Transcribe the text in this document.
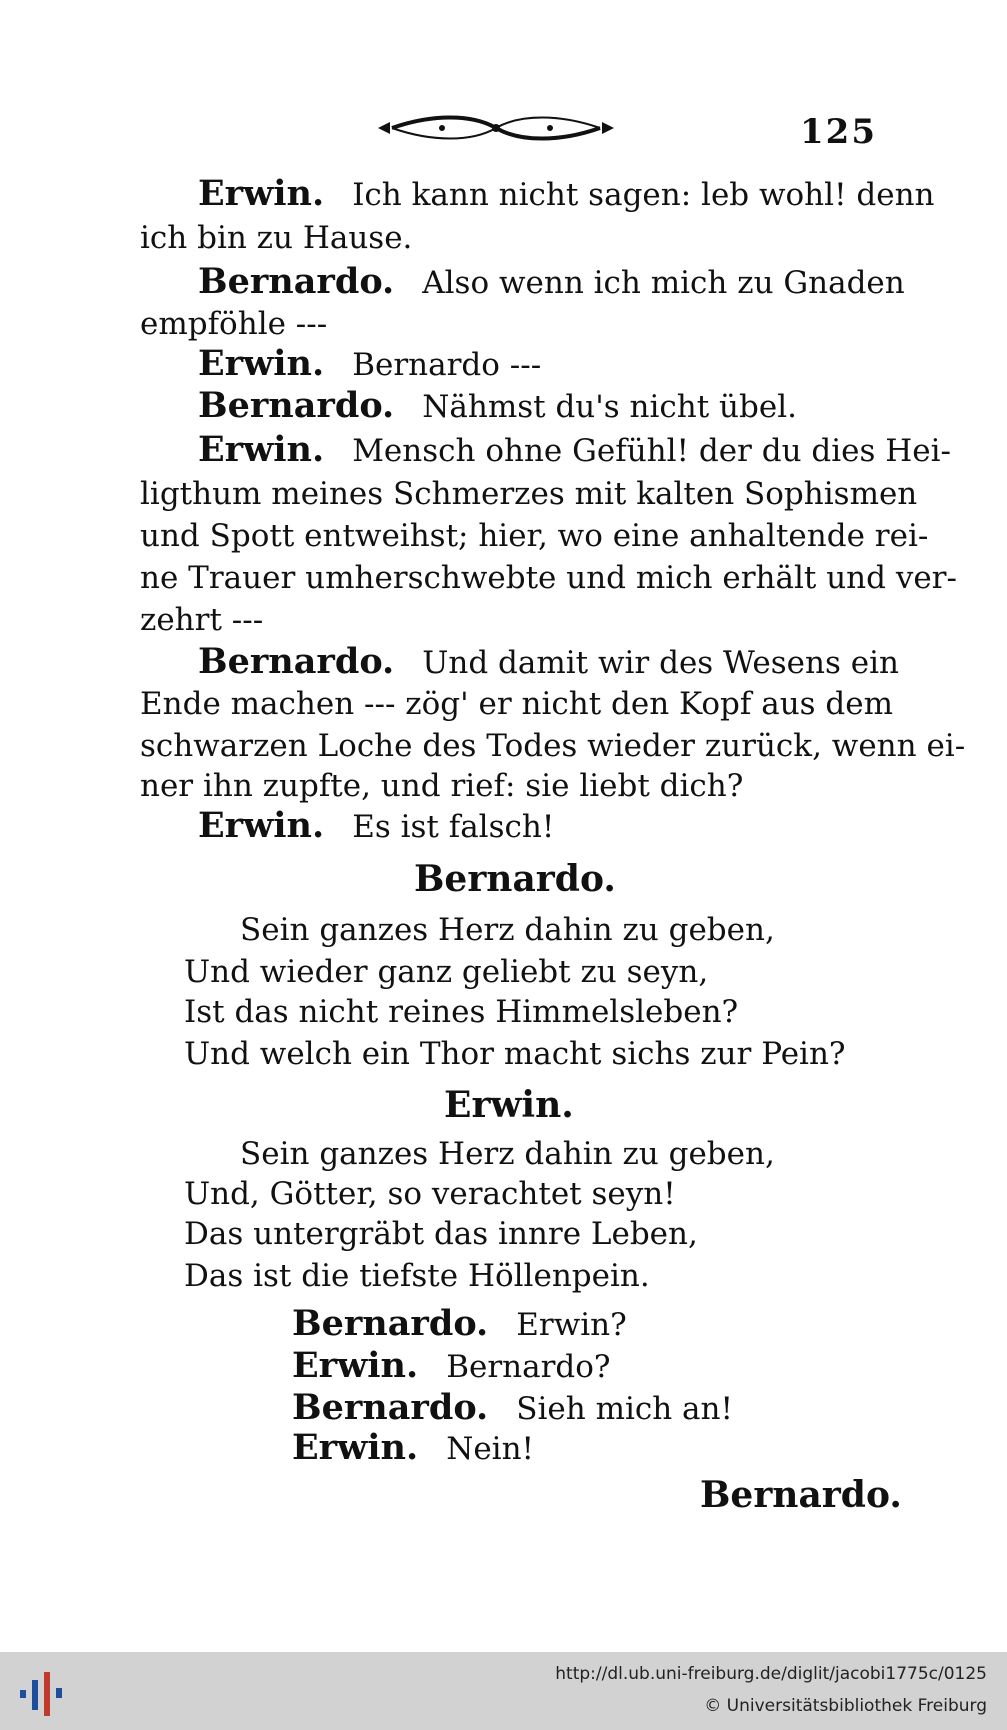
125
Erwin. Ich kann nicht sagen: leb wohl! denn
ich bin zu Hause.
Bernardo. Also wenn ich mich zu Gnaden
empföhle ---
Erwin. Bernardo ---
Bernardo. Nähmst du's nicht übel.
Erwin. Mensch ohne Gefühl! der du dies Hei-
ligthum meines Schmerzes mit kalten Sophismen
und Spott entweihst; hier, wo eine anhaltende rei-
ne Trauer umherschwebte und mich erhält und ver-
zehrt ---
Bernardo. Und damit wir des Wesens ein
Ende machen --- zög' er nicht den Kopf aus dem
schwarzen Loche des Todes wieder zurück, wenn ei-
ner ihn zupfte, und rief: sie liebt dich?
Erwin. Es ist falsch!
Bernardo.
Sein ganzes Herz dahin zu geben,
Und wieder ganz geliebt zu seyn,
Ist das nicht reines Himmelsleben?
Und welch ein Thor macht sichs zur Pein?
Erwin.
Sein ganzes Herz dahin zu geben,
Und, Götter, so verachtet seyn!
Das untergräbt das innre Leben,
Das ist die tiefste Höllenpein.
Bernardo. Erwin?
Erwin. Bernardo?
Bernardo. Sieh mich an!
Erwin. Nein!
Bernardo.
http://dl.ub.uni-freiburg.de/diglit/jacobi1775c/0125
© Universitätsbibliothek Freiburg
